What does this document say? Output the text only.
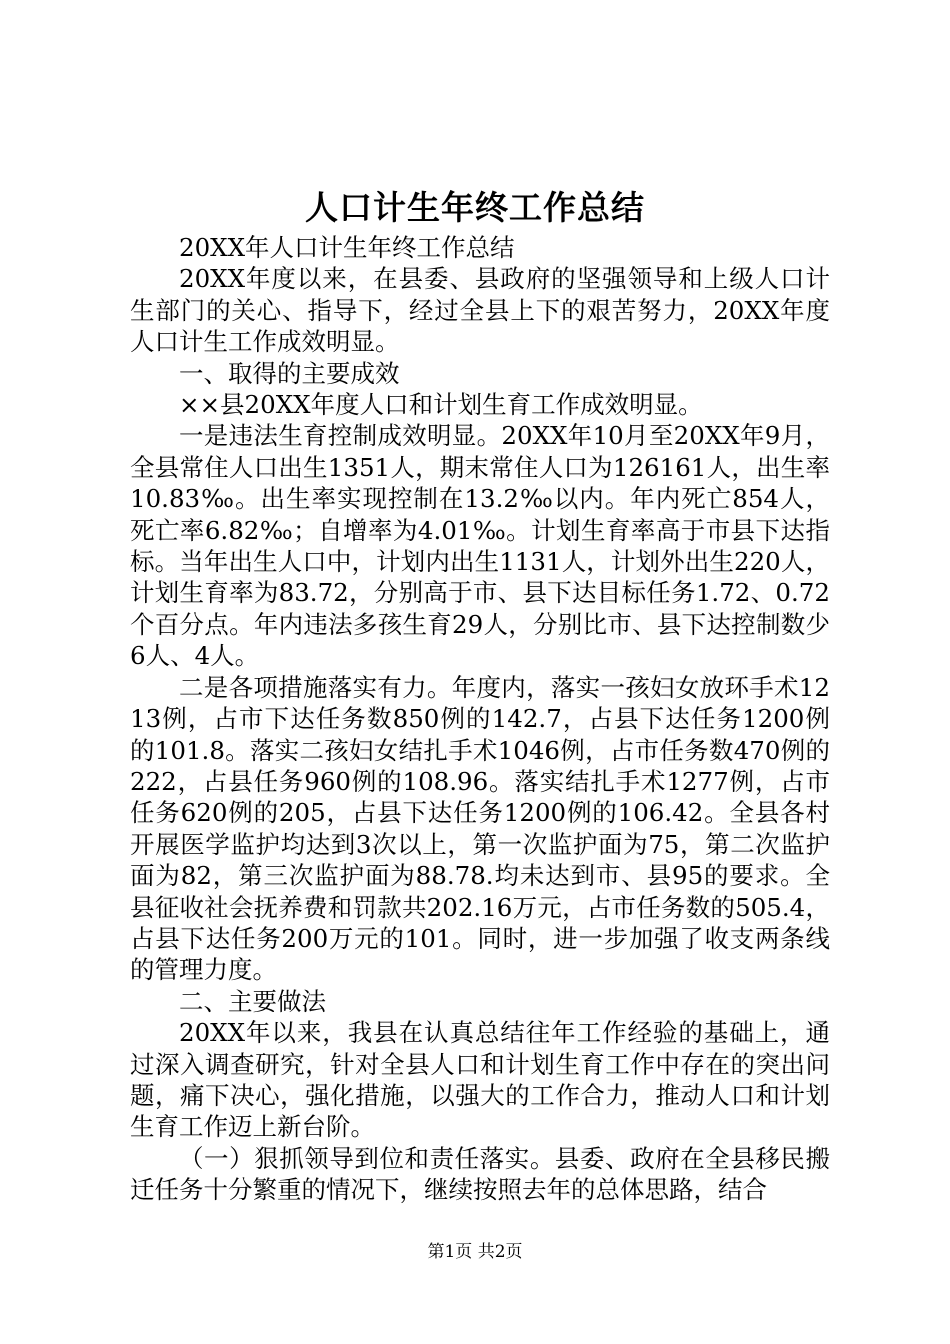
人口计生年终工作总结

20XX年人口计生年终工作总结

20XX年度以来，在县委、县政府的坚强领导和上级人口计生部门的关心、指导下，经过全县上下的艰苦努力，20XX年度人口计生工作成效明显。

一、取得的主要成效

××县20XX年度人口和计划生育工作成效明显。

一是违法生育控制成效明显。20XX年10月至20XX年9月，全县常住人口出生1351人，期末常住人口为126161人，出生率10.83‰。出生率实现控制在13.2‰以内。年内死亡854人，死亡率6.82‰；自增率为4.01‰。计划生育率高于市县下达指标。当年出生人口中，计划内出生1131人，计划外出生220人，计划生育率为83.72，分别高于市、县下达目标任务1.72、0.72个百分点。年内违法多孩生育29人，分别比市、县下达控制数少6人、4人。

二是各项措施落实有力。年度内，落实一孩妇女放环手术1213例，占市下达任务数850例的142.7，占县下达任务1200例的101.8。落实二孩妇女结扎手术1046例，占市任务数470例的222，占县任务960例的108.96。落实结扎手术1277例，占市任务620例的205，占县下达任务1200例的106.42。全县各村开展医学监护均达到3次以上，第一次监护面为75，第二次监护面为82，第三次监护面为88.78.均未达到市、县95的要求。全县征收社会抚养费和罚款共202.16万元，占市任务数的505.4，占县下达任务200万元的101。同时，进一步加强了收支两条线的管理力度。

二、主要做法

20XX年以来，我县在认真总结往年工作经验的基础上，通过深入调查研究，针对全县人口和计划生育工作中存在的突出问题，痛下决心，强化措施，以强大的工作合力，推动人口和计划生育工作迈上新台阶。

（一）狠抓领导到位和责任落实。县委、政府在全县移民搬迁任务十分繁重的情况下，继续按照去年的总体思路，结合

第1页 共2页
